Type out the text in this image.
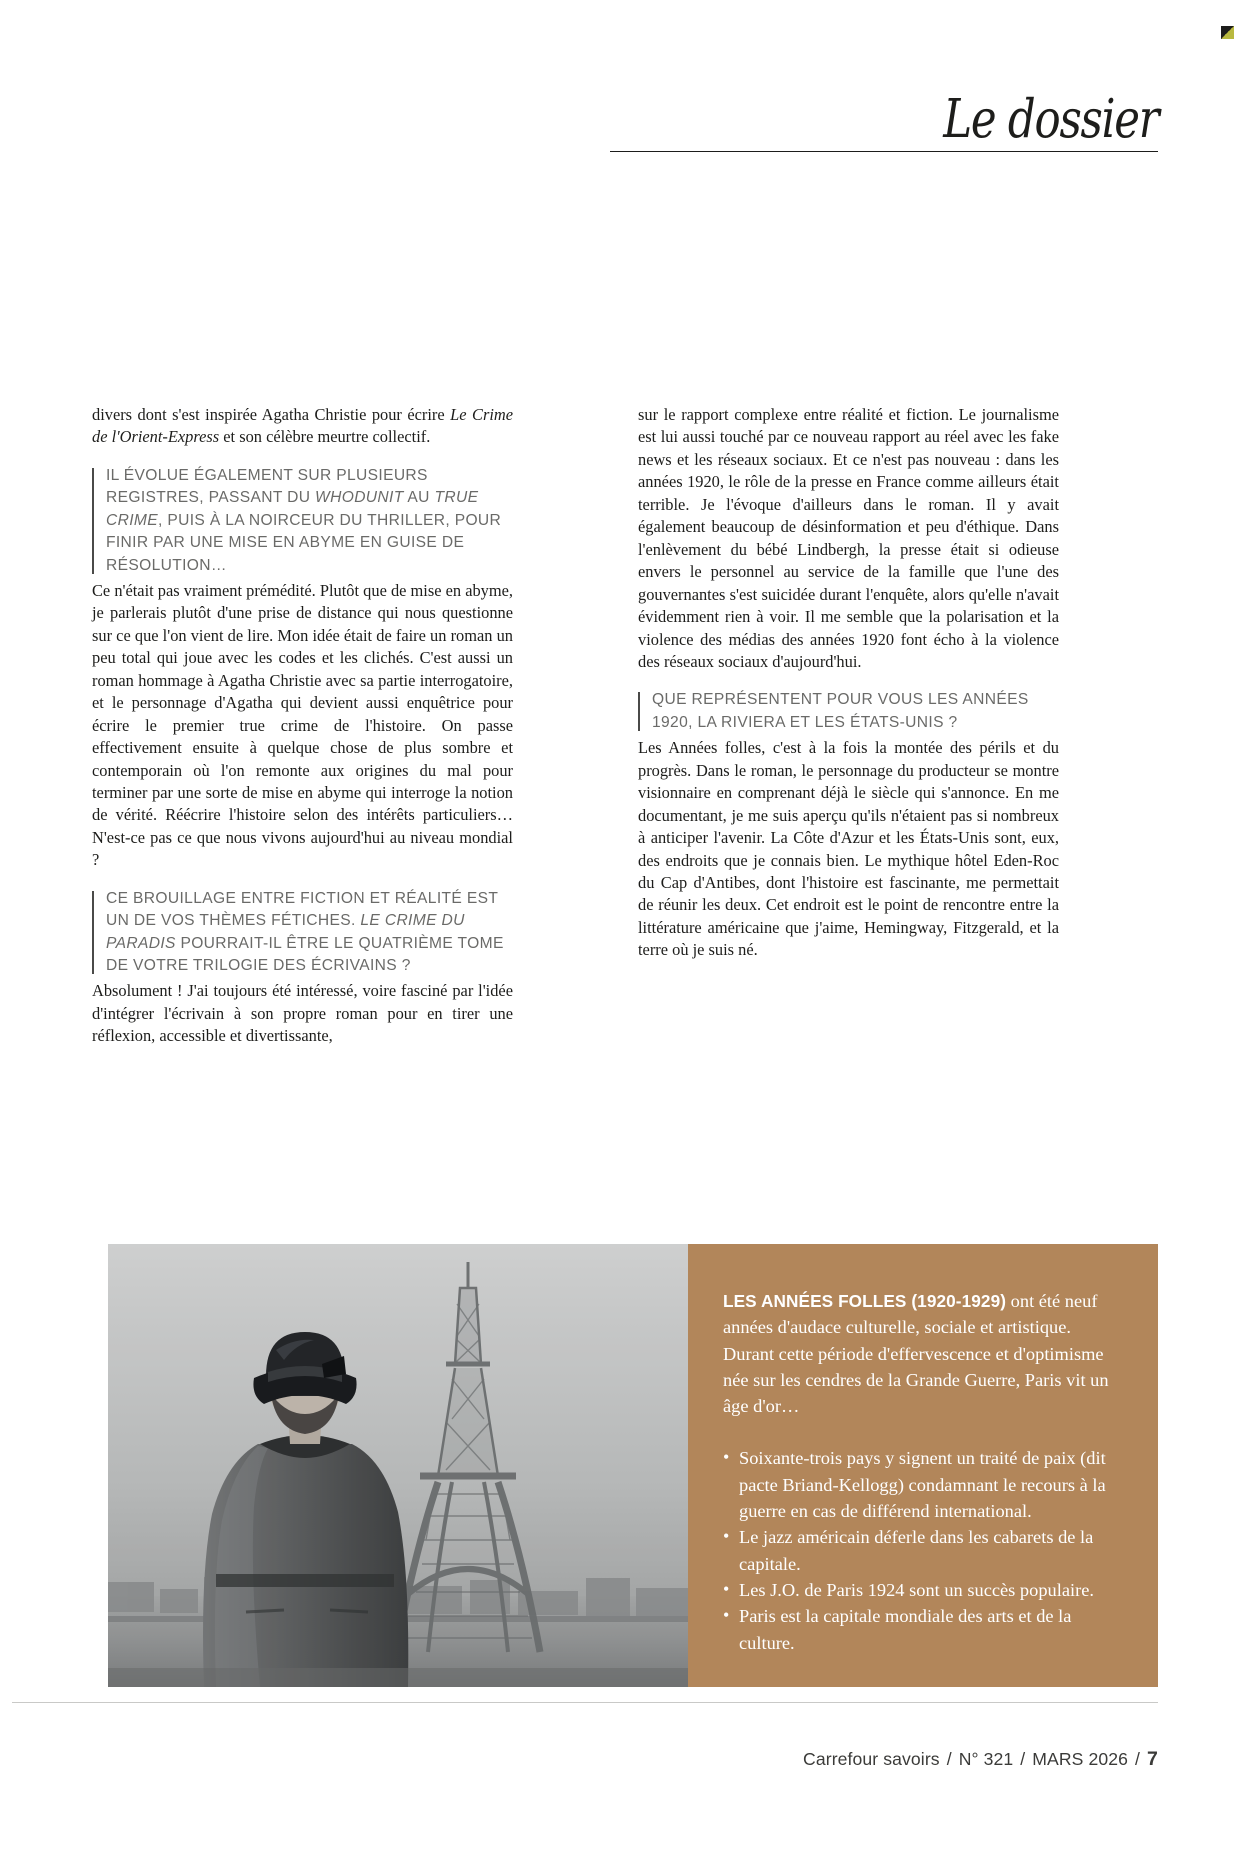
Le dossier

divers dont s'est inspirée Agatha Christie pour écrire Le Crime de l'Orient-Express et son célèbre meurtre collectif.

IL ÉVOLUE ÉGALEMENT SUR PLUSIEURS REGISTRES, PASSANT DU WHODUNIT AU TRUE CRIME, PUIS À LA NOIRCEUR DU THRILLER, POUR FINIR PAR UNE MISE EN ABYME EN GUISE DE RÉSOLUTION…

Ce n'était pas vraiment prémédité. Plutôt que de mise en abyme, je parlerais plutôt d'une prise de distance qui nous questionne sur ce que l'on vient de lire. Mon idée était de faire un roman un peu total qui joue avec les codes et les clichés. C'est aussi un roman hommage à Agatha Christie avec sa partie interrogatoire, et le personnage d'Agatha qui devient aussi enquêtrice pour écrire le premier true crime de l'histoire. On passe effectivement ensuite à quelque chose de plus sombre et contemporain où l'on remonte aux origines du mal pour terminer par une sorte de mise en abyme qui interroge la notion de vérité. Réécrire l'histoire selon des intérêts particuliers… N'est-ce pas ce que nous vivons aujourd'hui au niveau mondial ?

CE BROUILLAGE ENTRE FICTION ET RÉALITÉ EST UN DE VOS THÈMES FÉTICHES. LE CRIME DU PARADIS POURRAIT-IL ÊTRE LE QUATRIÈME TOME DE VOTRE TRILOGIE DES ÉCRIVAINS ?

Absolument ! J'ai toujours été intéressé, voire fasciné par l'idée d'intégrer l'écrivain à son propre roman pour en tirer une réflexion, accessible et divertissante,

sur le rapport complexe entre réalité et fiction. Le journalisme est lui aussi touché par ce nouveau rapport au réel avec les fake news et les réseaux sociaux. Et ce n'est pas nouveau : dans les années 1920, le rôle de la presse en France comme ailleurs était terrible. Je l'évoque d'ailleurs dans le roman. Il y avait également beaucoup de désinformation et peu d'éthique. Dans l'enlèvement du bébé Lindbergh, la presse était si odieuse envers le personnel au service de la famille que l'une des gouvernantes s'est suicidée durant l'enquête, alors qu'elle n'avait évidemment rien à voir. Il me semble que la polarisation et la violence des médias des années 1920 font écho à la violence des réseaux sociaux d'aujourd'hui.

QUE REPRÉSENTENT POUR VOUS LES ANNÉES 1920, LA RIVIERA ET LES ÉTATS-UNIS ?

Les Années folles, c'est à la fois la montée des périls et du progrès. Dans le roman, le personnage du producteur se montre visionnaire en comprenant déjà le siècle qui s'annonce. En me documentant, je me suis aperçu qu'ils n'étaient pas si nombreux à anticiper l'avenir. La Côte d'Azur et les États-Unis sont, eux, des endroits que je connais bien. Le mythique hôtel Eden-Roc du Cap d'Antibes, dont l'histoire est fascinante, me permettait de réunir les deux. Cet endroit est le point de rencontre entre la littérature américaine que j'aime, Hemingway, Fitzgerald, et la terre où je suis né.

LES ANNÉES FOLLES (1920-1929) ont été neuf années d'audace culturelle, sociale et artistique. Durant cette période d'effervescence et d'optimisme née sur les cendres de la Grande Guerre, Paris vit un âge d'or…

• Soixante-trois pays y signent un traité de paix (dit pacte Briand-Kellogg) condamnant le recours à la guerre en cas de différend international.
• Le jazz américain déferle dans les cabarets de la capitale.
• Les J.O. de Paris 1924 sont un succès populaire.
• Paris est la capitale mondiale des arts et de la culture.
Carrefour savoirs / N° 321 / MARS 2026 / 7
